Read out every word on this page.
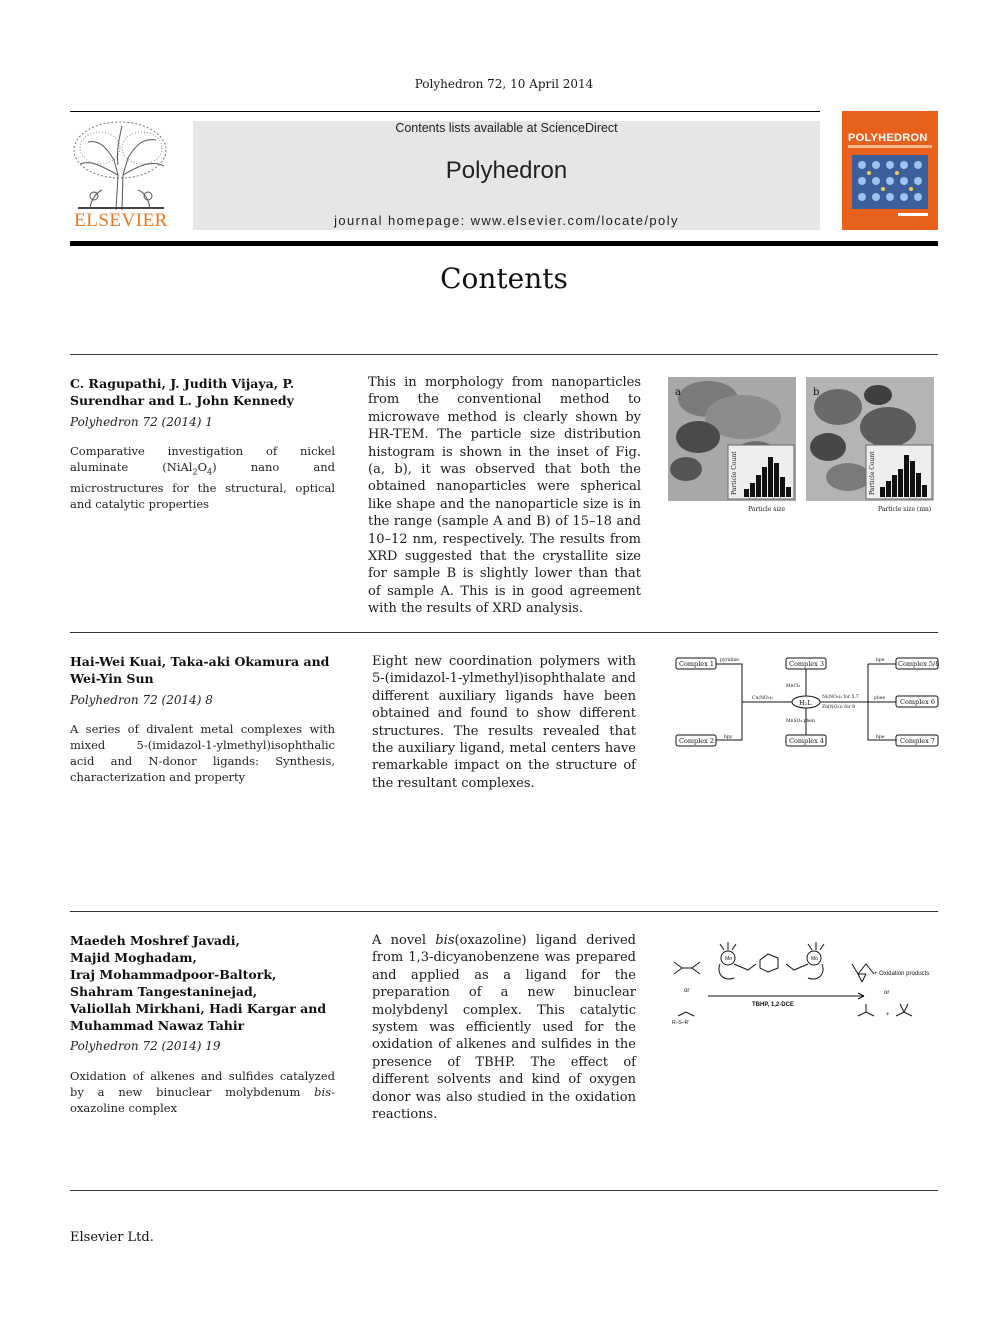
Polyhedron 72, 10 April 2014
ELSEVIER
Contents lists available at ScienceDirect
Polyhedron
journal homepage: www.elsevier.com/locate/poly
POLYHEDRON
Contents
C. Ragupathi, J. Judith Vijaya, P. Surendhar and L. John Kennedy
Polyhedron 72 (2014) 1
Comparative investigation of nickel aluminate $(NiAl_2O_4)$ nano and microstructures for the structural, optical and catalytic properties
This in morphology from nanoparticles from the conventional method to microwave method is clearly shown by HR-TEM. The particle size distribution histogram is shown in the inset of Fig. (a, b), it was observed that both the obtained nanoparticles were spherical like shape and the nanoparticle size is in the range (sample A and B) of 15–18 and 10–12 nm, respectively. The results from XRD suggested that the crystallite size for sample B is slightly lower than that of sample A. This is in good agreement with the results of XRD analysis.
a
Particle Count
Particle size
b
Particle Count
Particle size (nm)
Hai-Wei Kuai, Taka-aki Okamura and Wei-Yin Sun
Polyhedron 72 (2014) 8
A series of divalent metal complexes with mixed 5-(imidazol-1-ylmethyl)isophthalic acid and N-donor ligands: Synthesis, characterization and property
Eight new coordination polymers with 5-(imidazol-1-ylmethyl)isophthalate and different auxiliary ligands have been obtained and found to show different structures. The results revealed that the auxiliary ligand, metal centers have remarkable impact on the structure of the resultant complexes.
Complex 1
Complex 2
Complex 3
Complex 4
Complex 5/8
Complex 6
Complex 7
H₂L
pyridine
bpy
Cu(NO₃)₂
MnCl₂
Ni(NO₃)₂ for 5,7
Zn(NO₃)₂ for 8
MnSO₄ phen
bpe
pbee
bpe
Maedeh Moshref Javadi,
Majid Moghadam,
Iraj Mohammadpoor-Baltork,
Shahram Tangestaninejad,
Valiollah Mirkhani, Hadi Kargar and
Muhammad Nawaz Tahir
Polyhedron 72 (2014) 19
Oxidation of alkenes and sulfides catalyzed by a new binuclear molybdenum bis-oxazoline complex
A novel bis(oxazoline) ligand derived from 1,3-dicyanobenzene was prepared and applied as a ligand for the preparation of a new binuclear molybdenyl complex. This catalytic system was efficiently used for the oxidation of alkenes and sulfides in the presence of TBHP. The effect of different solvents and kind of oxygen donor was also studied in the oxidation reactions.
or	or
TBHP, 1,2-DCE
+ Oxidation products
Mo	Mo
R–S–R'
+
Elsevier Ltd.
